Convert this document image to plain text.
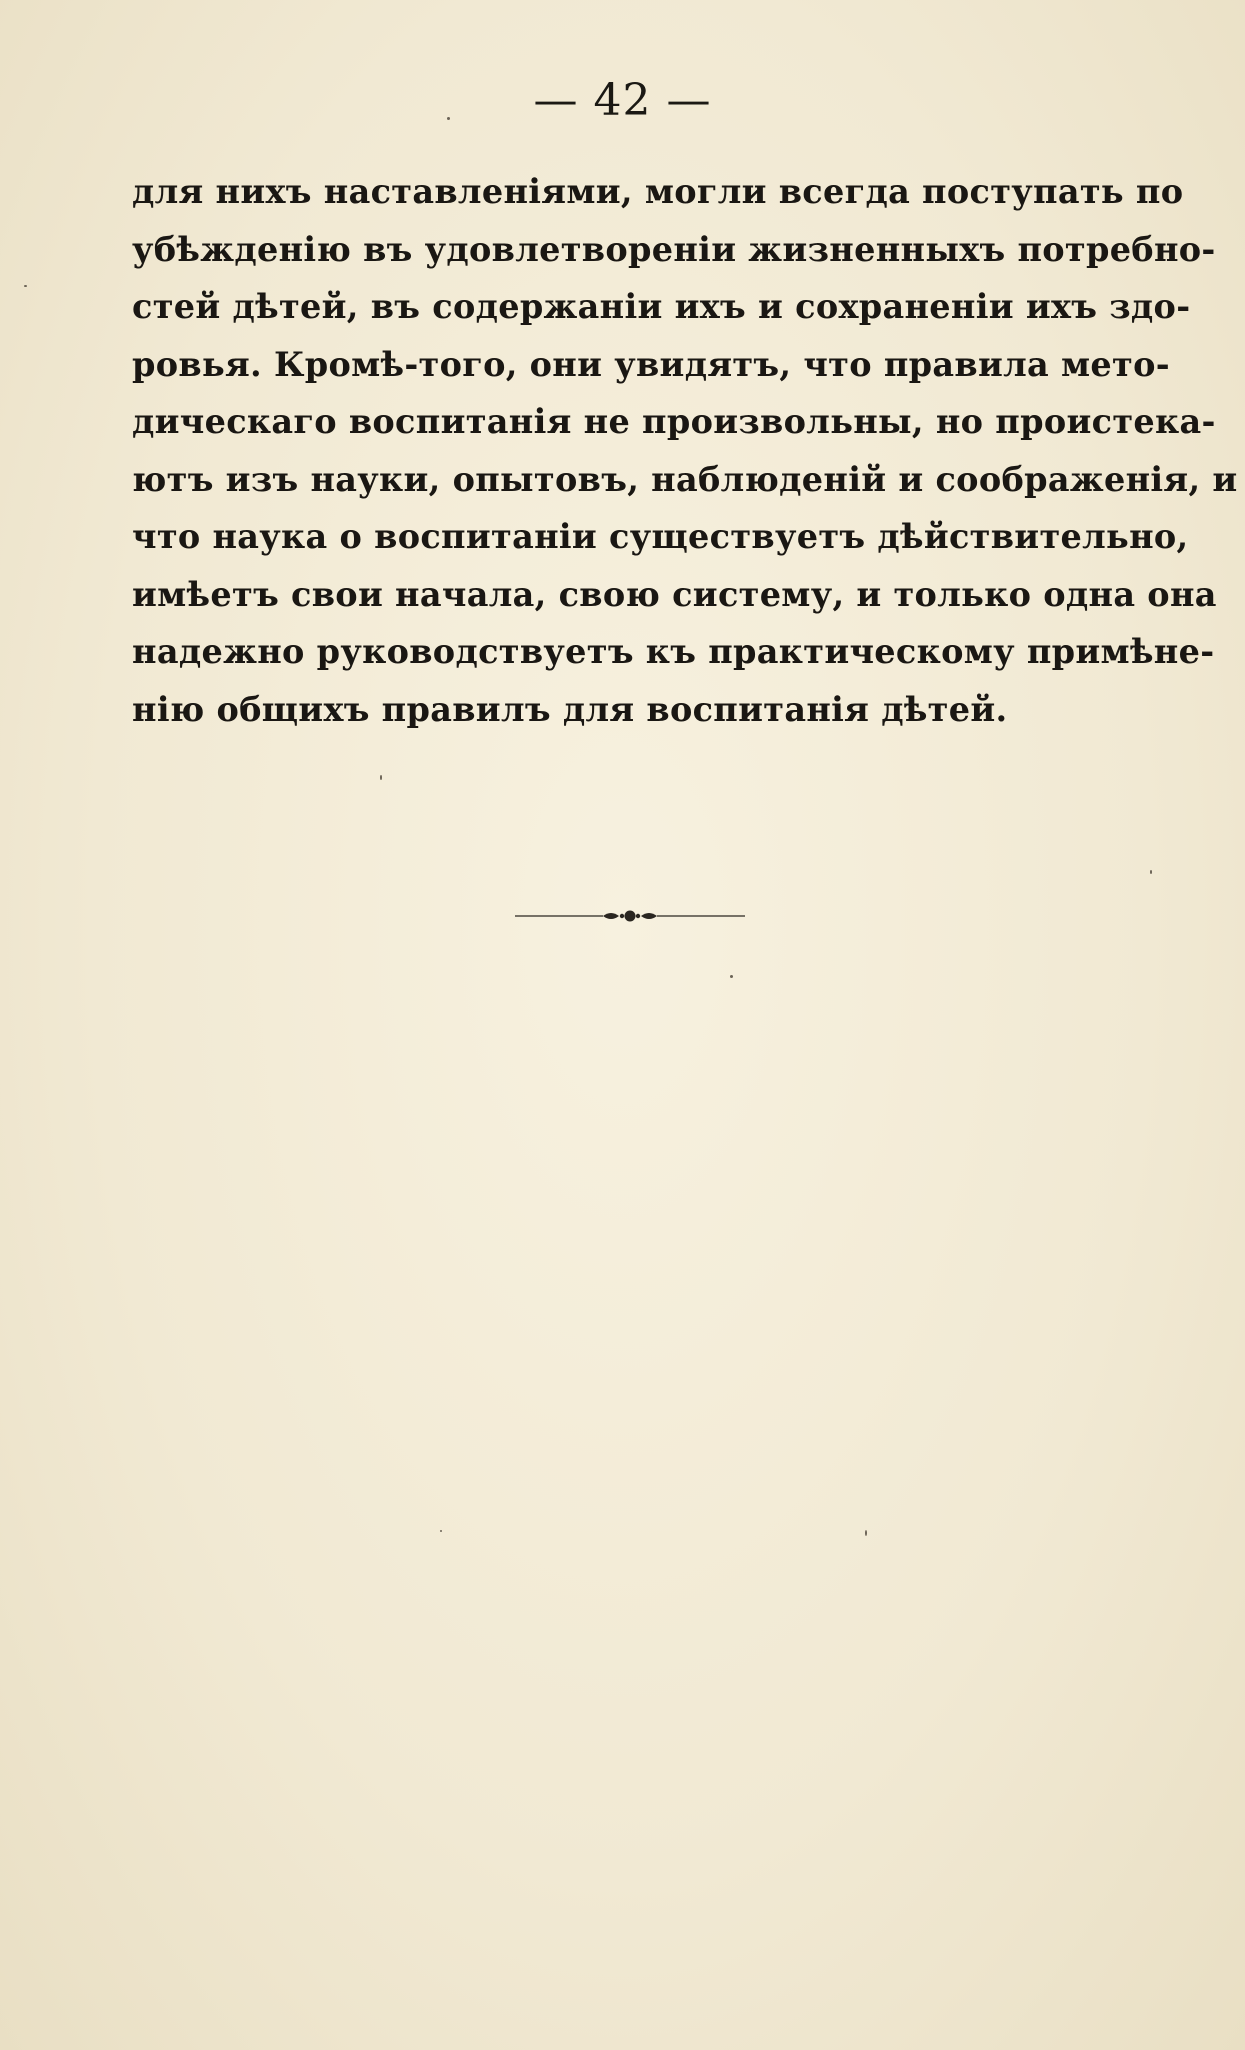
— 42 —
для нихъ наставленіями, могли всегда поступать по
убѣжденію въ удовлетвореніи жизненныхъ потребно-
стей дѣтей, въ содержаніи ихъ и сохраненіи ихъ здо-
ровья. Кромѣ-того, они увидятъ, что правила мето-
дическаго воспитанія не произвольны, но проистека-
ютъ изъ науки, опытовъ, наблюденій и соображенія, и
что наука о воспитаніи существуетъ дѣйствительно,
имѣетъ свои начала, свою систему, и только одна она
надежно руководствуетъ къ практическому примѣне-
нію общихъ правилъ для воспитанія дѣтей.
